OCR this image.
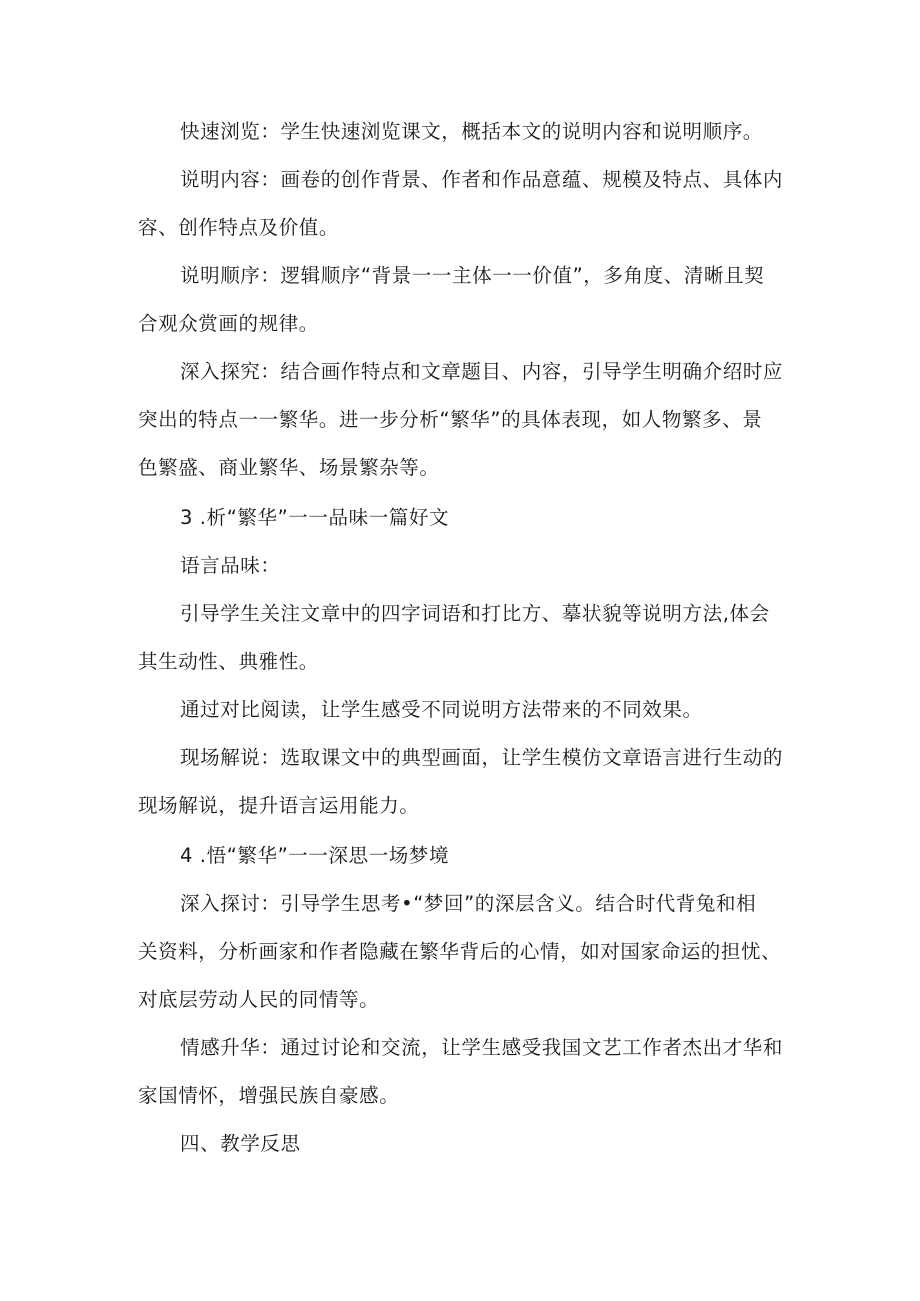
快速浏览：学生快速浏览课文，概括本文的说明内容和说明顺序。
说明内容：画卷的创作背景、作者和作品意蕴、规模及特点、具体内
容、创作特点及价值。
说明顺序：逻辑顺序“背景一一主体一一价值”，多角度、清晰且契
合观众赏画的规律。
深入探究：结合画作特点和文章题目、内容，引导学生明确介绍时应
突出的特点一一繁华。进一步分析“繁华”的具体表现，如人物繁多、景
色繁盛、商业繁华、场景繁杂等。
3 .析“繁华”一一品味一篇好文
语言品味：
引导学生关注文章中的四字词语和打比方、摹状貌等说明方法,体会
其生动性、典雅性。
通过对比阅读，让学生感受不同说明方法带来的不同效果。
现场解说：选取课文中的典型画面，让学生模仿文章语言进行生动的
现场解说，提升语言运用能力。
4 .悟“繁华”一一深思一场梦境
深入探讨：引导学生思考•“梦回”的深层含义。结合时代背兔和相
关资料，分析画家和作者隐藏在繁华背后的心情，如对国家命运的担忧、
对底层劳动人民的同情等。
情感升华：通过讨论和交流，让学生感受我国文艺工作者杰出才华和
家国情怀，增强民族自豪感。
四、教学反思
